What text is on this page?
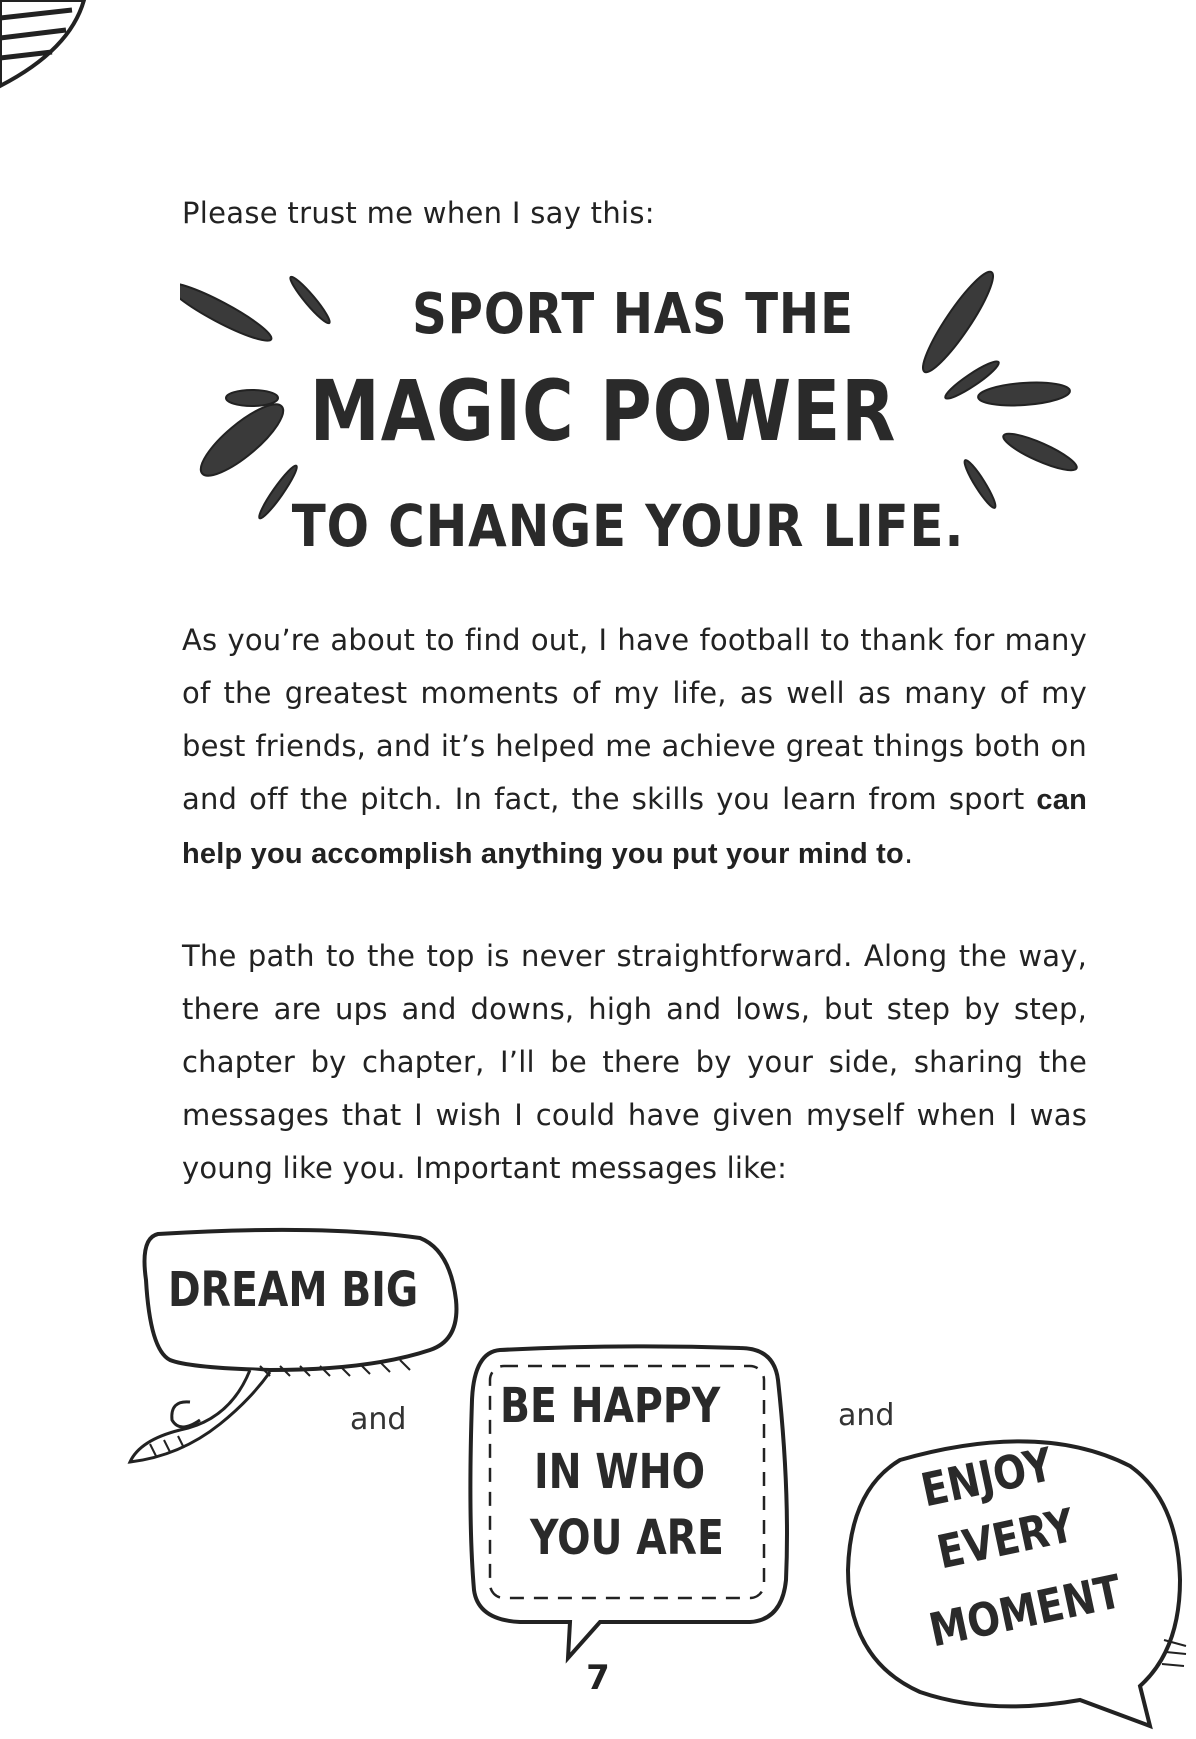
Please trust me when I say this:
SPORT HAS THE
MAGIC POWER
TO CHANGE YOUR LIFE.
As you’re about to find out, I have football to thank for many of the greatest moments of my life, as well as many of my best friends, and it’s helped me achieve great things both on and off the pitch. In fact, the skills you learn from sport can help you accomplish anything you put your mind to.
The path to the top is never straightforward. Along the way, there are ups and downs, high and lows, but step by step, chapter by chapter, I’ll be there by your side, sharing the messages that I wish I could have given myself when I was young like you. Important messages like:
DREAM BIG
and BE HAPPY
IN WHO
YOU ARE
and
ENJOY
EVERY
MOMENT
7
